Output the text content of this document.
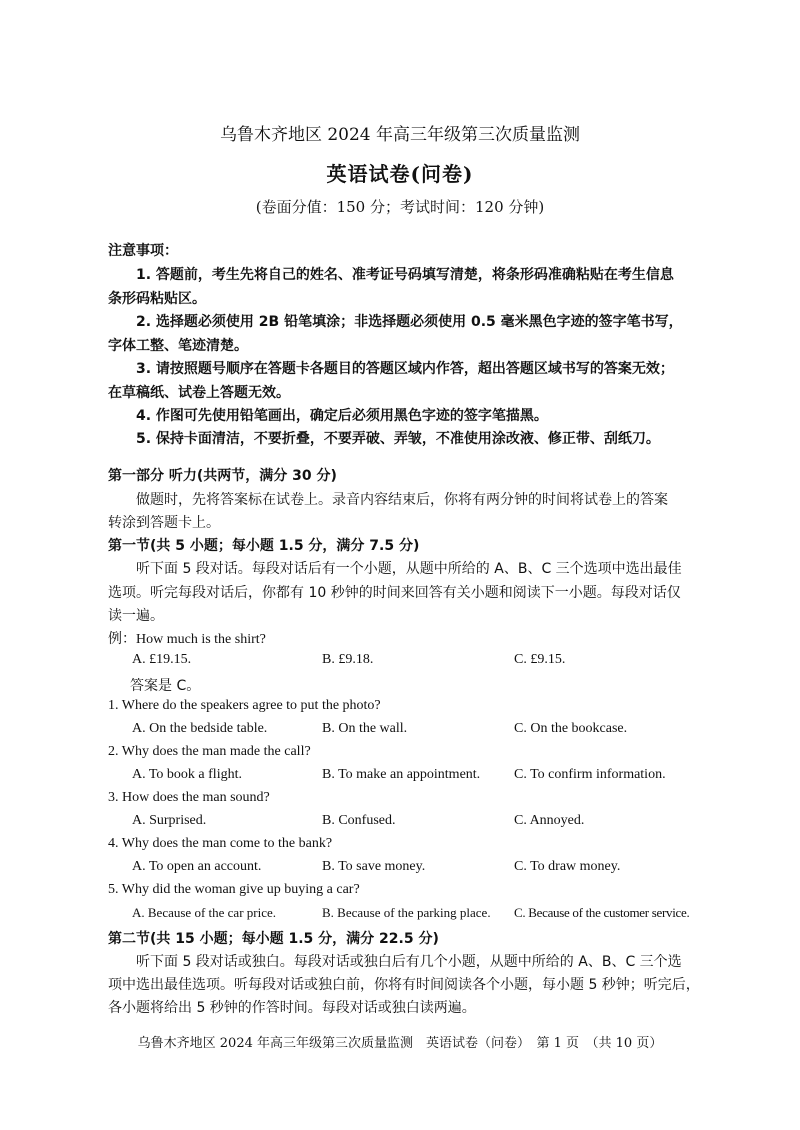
乌鲁木齐地区 2024 年高三年级第三次质量监测
英语试卷(问卷)
(卷面分值：150 分；考试时间：120 分钟)
注意事项：
1. 答题前，考生先将自己的姓名、准考证号码填写清楚，将条形码准确粘贴在考生信息
条形码粘贴区。
2. 选择题必须使用 2B 铅笔填涂；非选择题必须使用 0.5 毫米黑色字迹的签字笔书写，
字体工整、笔迹清楚。
3. 请按照题号顺序在答题卡各题目的答题区域内作答，超出答题区域书写的答案无效；
在草稿纸、试卷上答题无效。
4. 作图可先使用铅笔画出，确定后必须用黑色字迹的签字笔描黑。
5. 保持卡面清洁，不要折叠，不要弄破、弄皱，不准使用涂改液、修正带、刮纸刀。
第一部分 听力(共两节，满分 30 分)
做题时，先将答案标在试卷上。录音内容结束后，你将有两分钟的时间将试卷上的答案
转涂到答题卡上。
第一节(共 5 小题；每小题 1.5 分，满分 7.5 分)
听下面 5 段对话。每段对话后有一个小题，从题中所给的 A、B、C 三个选项中选出最佳
选项。听完每段对话后，你都有 10 秒钟的时间来回答有关小题和阅读下一小题。每段对话仅
读一遍。
例：How much is the shirt?
A. £19.15.	B. £9.18.	C. £9.15.
答案是 C。
1. Where do the speakers agree to put the photo?
A. On the bedside table.	B. On the wall.	C. On the bookcase.
2. Why does the man made the call?
A. To book a flight.	B. To make an appointment. C. To confirm information.
3. How does the man sound?
A. Surprised.	B. Confused.	C. Annoyed.
4. Why does the man come to the bank?
A. To open an account.	B. To save money.	C. To draw money.
5. Why did the woman give up buying a car?
A. Because of the car price.	B. Because of the parking place. C. Because of the customer service.
第二节(共 15 小题；每小题 1.5 分，满分 22.5 分)
听下面 5 段对话或独白。每段对话或独白后有几个小题，从题中所给的 A、B、C 三个选
项中选出最佳选项。听每段对话或独白前，你将有时间阅读各个小题，每小题 5 秒钟；听完后，
各小题将给出 5 秒钟的作答时间。每段对话或独白读两遍。
乌鲁木齐地区 2024 年高三年级第三次质量监测　英语试卷（问卷）　第 1 页　（共 10 页）
